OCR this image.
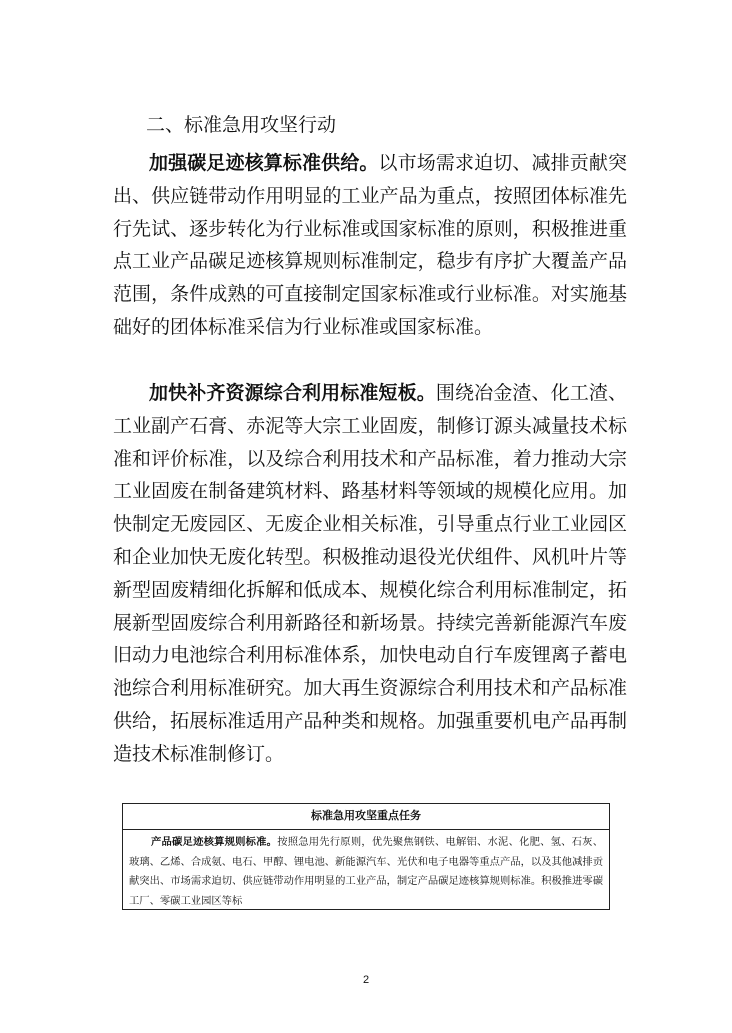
二、标准急用攻坚行动

加强碳足迹核算标准供给。以市场需求迫切、减排贡献突出、供应链带动作用明显的工业产品为重点，按照团体标准先行先试、逐步转化为行业标准或国家标准的原则，积极推进重点工业产品碳足迹核算规则标准制定，稳步有序扩大覆盖产品范围，条件成熟的可直接制定国家标准或行业标准。对实施基础好的团体标准采信为行业标准或国家标准。

加快补齐资源综合利用标准短板。围绕冶金渣、化工渣、工业副产石膏、赤泥等大宗工业固废，制修订源头减量技术标准和评价标准，以及综合利用技术和产品标准，着力推动大宗工业固废在制备建筑材料、路基材料等领域的规模化应用。加快制定无废园区、无废企业相关标准，引导重点行业工业园区和企业加快无废化转型。积极推动退役光伏组件、风机叶片等新型固废精细化拆解和低成本、规模化综合利用标准制定，拓展新型固废综合利用新路径和新场景。持续完善新能源汽车废旧动力电池综合利用标准体系，加快电动自行车废锂离子蓄电池综合利用标准研究。加大再生资源综合利用技术和产品标准供给，拓展标准适用产品种类和规格。加强重要机电产品再制造技术标准制修订。

标准急用攻坚重点任务

产品碳足迹核算规则标准。按照急用先行原则，优先聚焦钢铁、电解铝、水泥、化肥、氢、石灰、玻璃、乙烯、合成氨、电石、甲醇、锂电池、新能源汽车、光伏和电子电器等重点产品，以及其他减排贡献突出、市场需求迫切、供应链带动作用明显的工业产品，制定产品碳足迹核算规则标准。积极推进零碳工厂、零碳工业园区等标

2
